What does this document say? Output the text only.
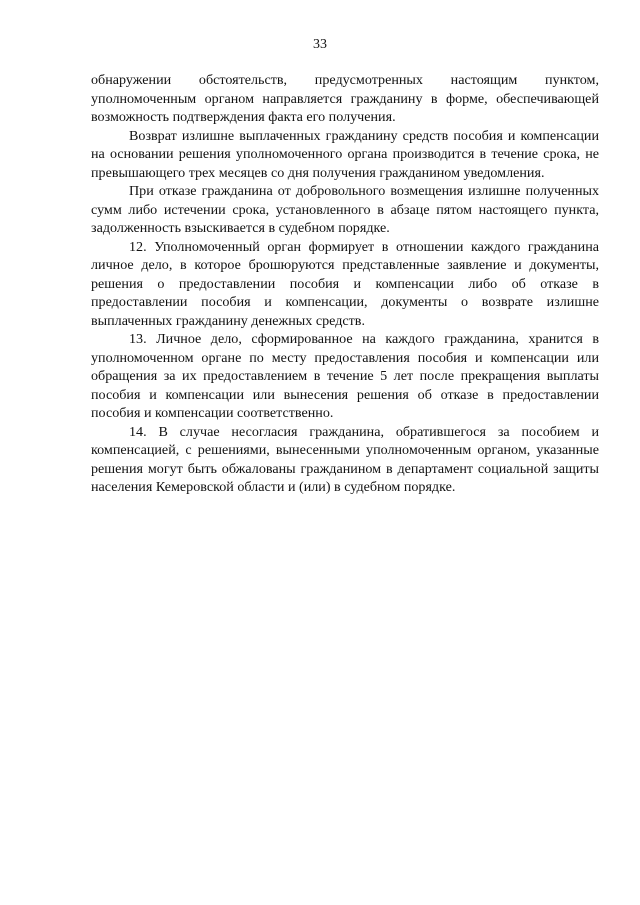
33

обнаружении обстоятельств, предусмотренных настоящим пунктом, уполномоченным органом направляется гражданину в форме, обеспечивающей возможность подтверждения факта его получения.

Возврат излишне выплаченных гражданину средств пособия и компенсации на основании решения уполномоченного органа производится в течение срока, не превышающего трех месяцев со дня получения гражданином уведомления.

При отказе гражданина от добровольного возмещения излишне полученных сумм либо истечении срока, установленного в абзаце пятом настоящего пункта, задолженность взыскивается в судебном порядке.

12. Уполномоченный орган формирует в отношении каждого гражданина личное дело, в которое брошюруются представленные заявление и документы, решения о предоставлении пособия и компенсации либо об отказе в предоставлении пособия и компенсации, документы о возврате излишне выплаченных гражданину денежных средств.

13. Личное дело, сформированное на каждого гражданина, хранится в уполномоченном органе по месту предоставления пособия и компенсации или обращения за их предоставлением в течение 5 лет после прекращения выплаты пособия и компенсации или вынесения решения об отказе в предоставлении пособия и компенсации соответственно.

14. В случае несогласия гражданина, обратившегося за пособием и компенсацией, с решениями, вынесенными уполномоченным органом, указанные решения могут быть обжалованы гражданином в департамент социальной защиты населения Кемеровской области и (или) в судебном порядке.
